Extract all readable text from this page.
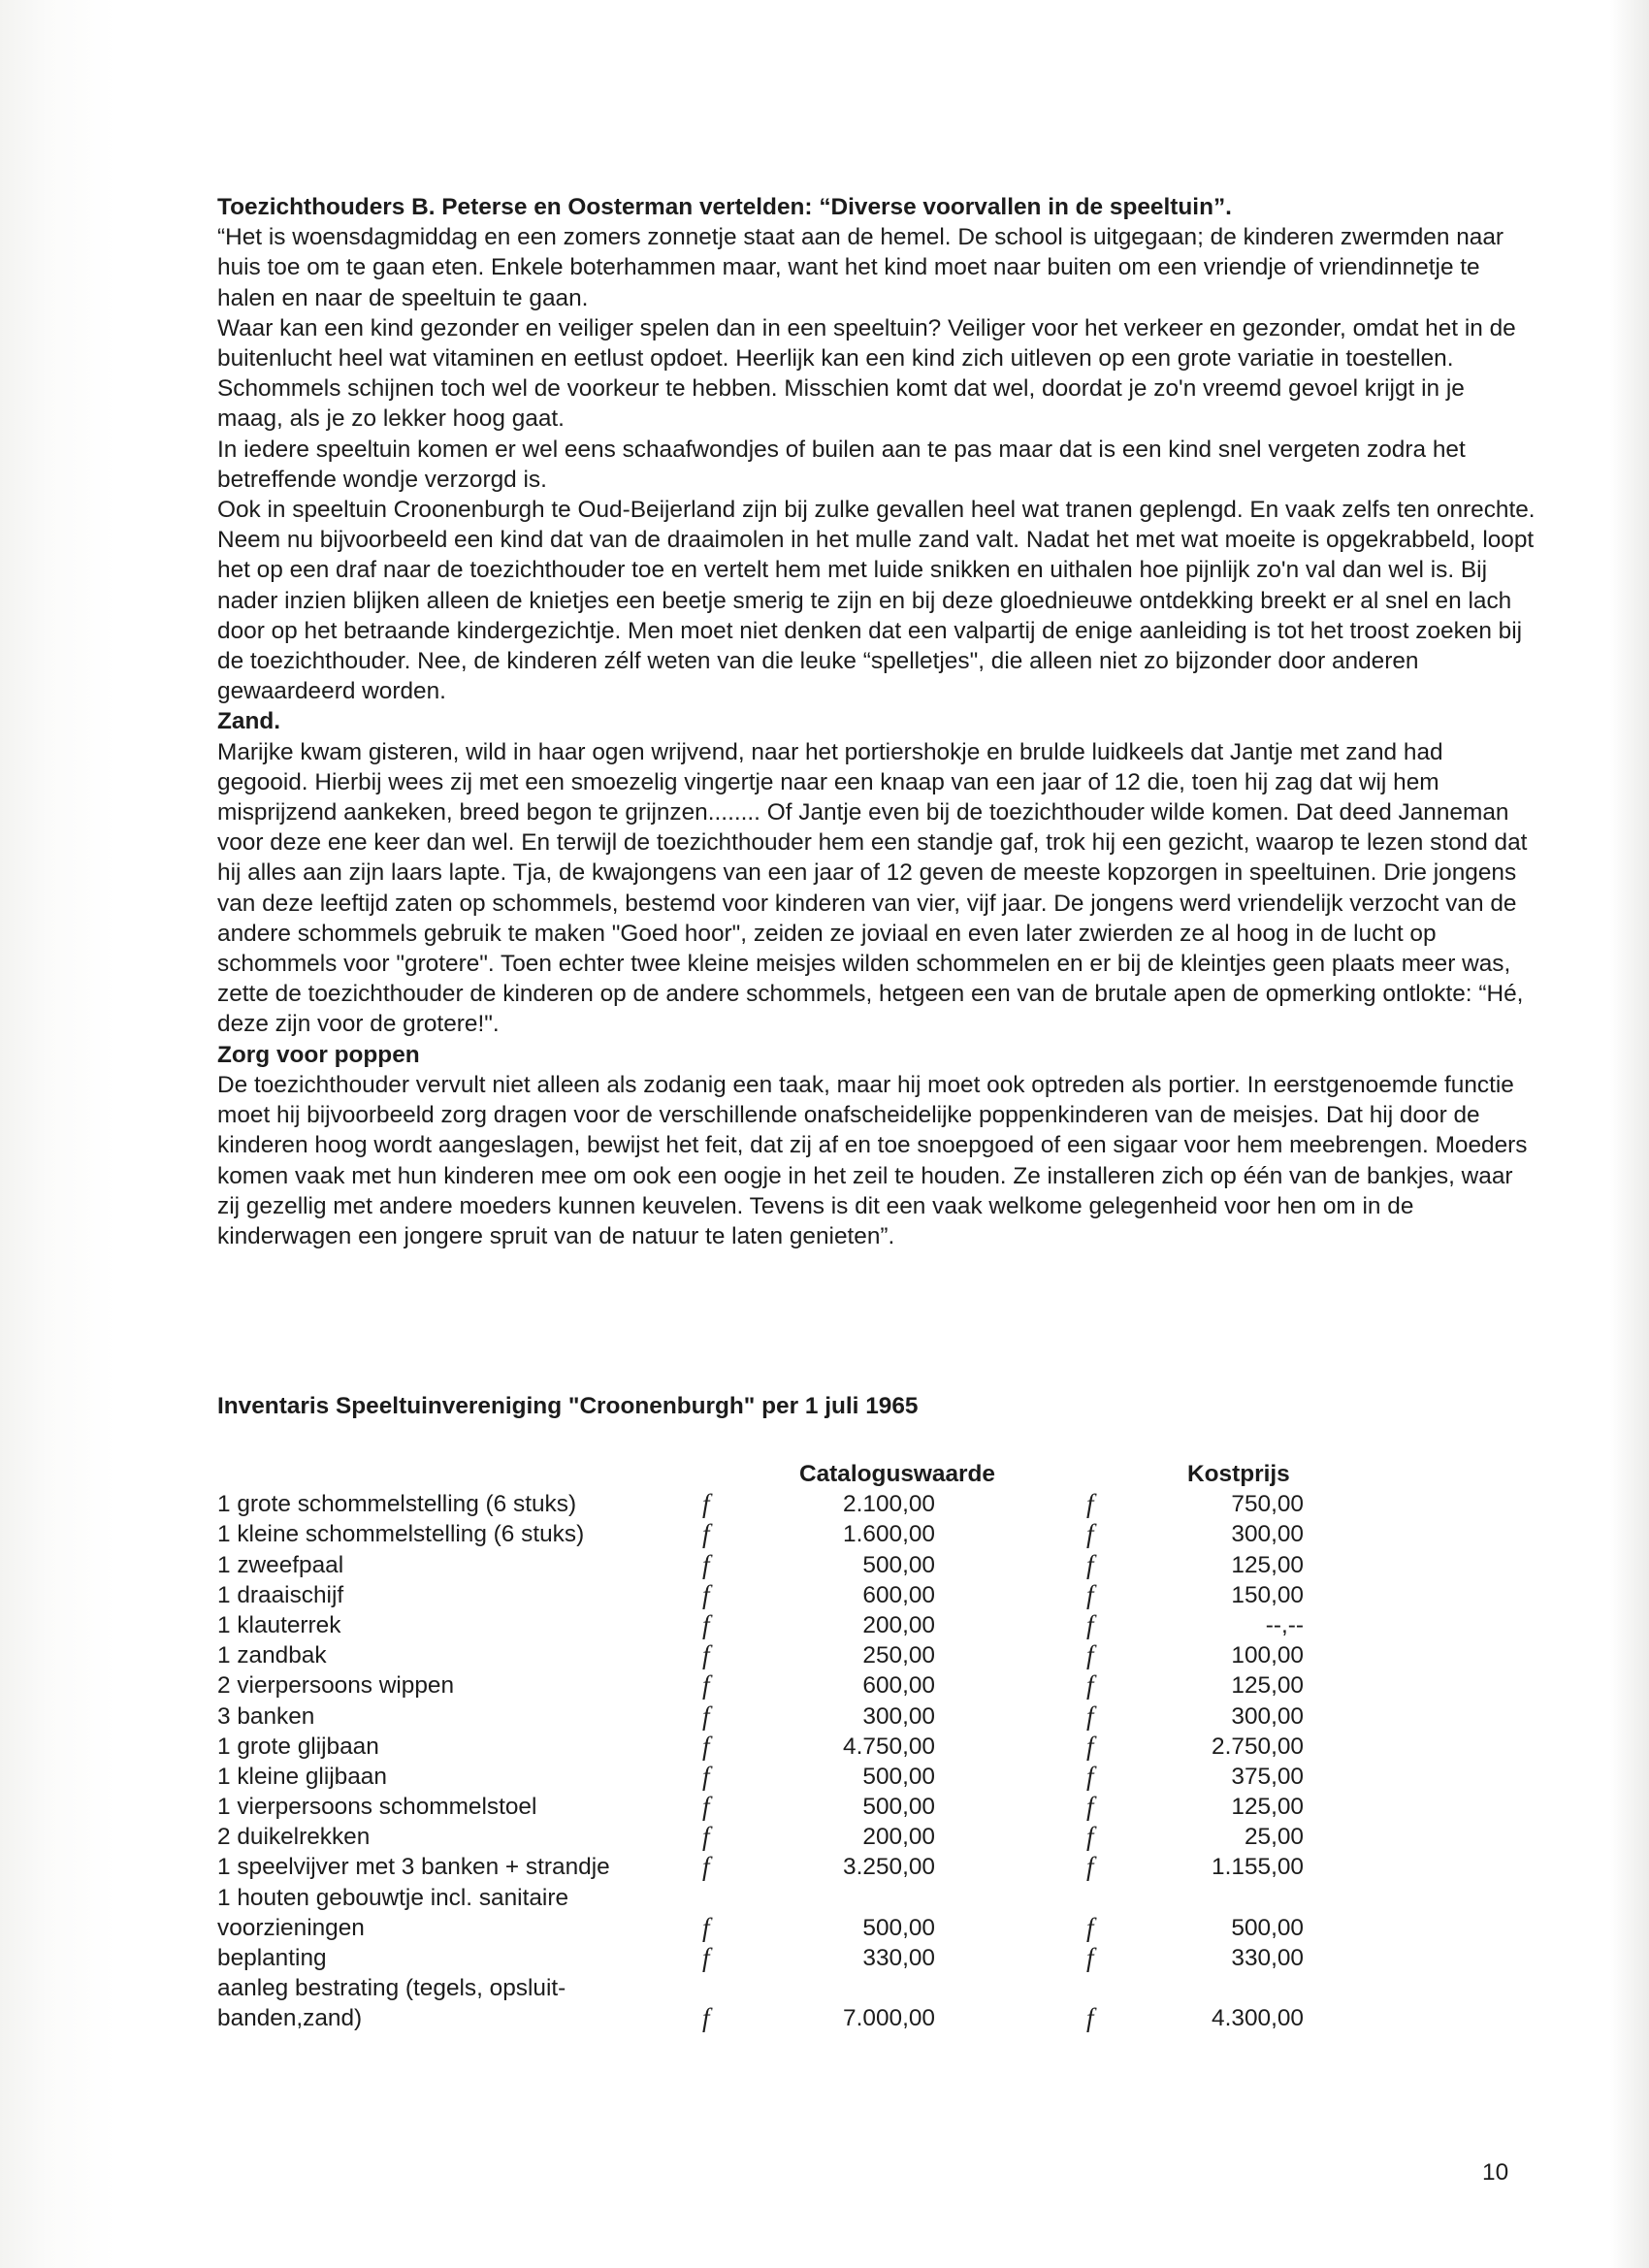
Toezichthouders B. Peterse en Oosterman vertelden: “Diverse voorvallen in de speeltuin”.

“Het is woensdagmiddag en een zomers zonnetje staat aan de hemel. De school is uitgegaan; de kinderen zwermden naar huis toe om te gaan eten. Enkele boterhammen maar, want het kind moet naar buiten om een vriendje of vriendinnetje te halen en naar de speeltuin te gaan.

Waar kan een kind gezonder en veiliger spelen dan in een speeltuin? Veiliger voor het verkeer en gezonder, omdat het in de buitenlucht heel wat vitaminen en eetlust opdoet. Heerlijk kan een kind zich uitleven op een grote variatie in toestellen.

Schommels schijnen toch wel de voorkeur te hebben. Misschien komt dat wel, doordat je zo'n vreemd gevoel krijgt in je maag, als je zo lekker hoog gaat.

In iedere speeltuin komen er wel eens schaafwondjes of builen aan te pas maar dat is een kind snel vergeten zodra het betreffende wondje verzorgd is.

Ook in speeltuin Croonenburgh te Oud-Beijerland zijn bij zulke gevallen heel wat tranen geplengd. En vaak zelfs ten onrechte. Neem nu bijvoorbeeld een kind dat van de draaimolen in het mulle zand valt. Nadat het met wat moeite is opgekrabbeld, loopt het op een draf naar de toezichthouder toe en vertelt hem met luide snikken en uithalen hoe pijnlijk zo'n val dan wel is. Bij nader inzien blijken alleen de knietjes een beetje smerig te zijn en bij deze gloednieuwe ontdekking breekt er al snel en lach door op het betraande kindergezichtje. Men moet niet denken dat een valpartij de enige aanleiding is tot het troost zoeken bij de toezichthouder. Nee, de kinderen zélf weten van die leuke “spelletjes", die alleen niet zo bijzonder door anderen gewaardeerd worden.

Zand.

Marijke kwam gisteren, wild in haar ogen wrijvend, naar het portiershokje en brulde luidkeels dat Jantje met zand had gegooid. Hierbij wees zij met een smoezelig vingertje naar een knaap van een jaar of 12 die, toen hij zag dat wij hem misprijzend aankeken, breed begon te grijnzen........ Of Jantje even bij de toezichthouder wilde komen. Dat deed Janneman voor deze ene keer dan wel. En terwijl de toezichthouder hem een standje gaf, trok hij een gezicht, waarop te lezen stond dat hij alles aan zijn laars lapte. Tja, de kwajongens van een jaar of 12 geven de meeste kopzorgen in speeltuinen. Drie jongens van deze leeftijd zaten op schommels, bestemd voor kinderen van vier, vijf jaar. De jongens werd vriendelijk verzocht van de andere schommels gebruik te maken "Goed hoor", zeiden ze joviaal en even later zwierden ze al hoog in de lucht op schommels voor "grotere". Toen echter twee kleine meisjes wilden schommelen en er bij de kleintjes geen plaats meer was, zette de toezichthouder de kinderen op de andere schommels, hetgeen een van de brutale apen de opmerking ontlokte: “Hé, deze zijn voor de grotere!".

Zorg voor poppen

De toezichthouder vervult niet alleen als zodanig een taak, maar hij moet ook optreden als portier. In eerstgenoemde functie moet hij bijvoorbeeld zorg dragen voor de verschillende onafscheidelijke poppenkinderen van de meisjes. Dat hij door de kinderen hoog wordt aangeslagen, bewijst het feit, dat zij af en toe snoepgoed of een sigaar voor hem meebrengen. Moeders komen vaak met hun kinderen mee om ook een oogje in het zeil te houden. Ze installeren zich op één van de bankjes, waar zij gezellig met andere moeders kunnen keuvelen. Tevens is dit een vaak welkome gelegenheid voor hen om in de kinderwagen een jongere spruit van de natuur te laten genieten”.

Inventaris Speeltuinvereniging "Croonenburgh" per 1 juli 1965
Cataloguswaarde	Kostprijs
1 grote schommelstelling (6 stuks)	f	2.100,00	f	750,00
1 kleine schommelstelling (6 stuks)	f	1.600,00	f	300,00
1 zweefpaal	f	500,00	f	125,00
1 draaischijf	f	600,00	f	150,00
1 klauterrek	f	200,00	f	--,--
1 zandbak	f	250,00	f	100,00
2 vierpersoons wippen	f	600,00	f	125,00
3 banken	f	300,00	f	300,00
1 grote glijbaan	f	4.750,00	f	2.750,00
1 kleine glijbaan	f	500,00	f	375,00
1 vierpersoons schommelstoel	f	500,00	f	125,00
2 duikelrekken	f	200,00	f	25,00
1 speelvijver met 3 banken + strandje	f	3.250,00	f	1.155,00
1 houten gebouwtje incl. sanitaire
voorzieningen	f	500,00	f	500,00
beplanting	f	330,00	f	330,00
aanleg bestrating (tegels, opsluit-
banden,zand)	f	7.000,00	f	4.300,00
10
